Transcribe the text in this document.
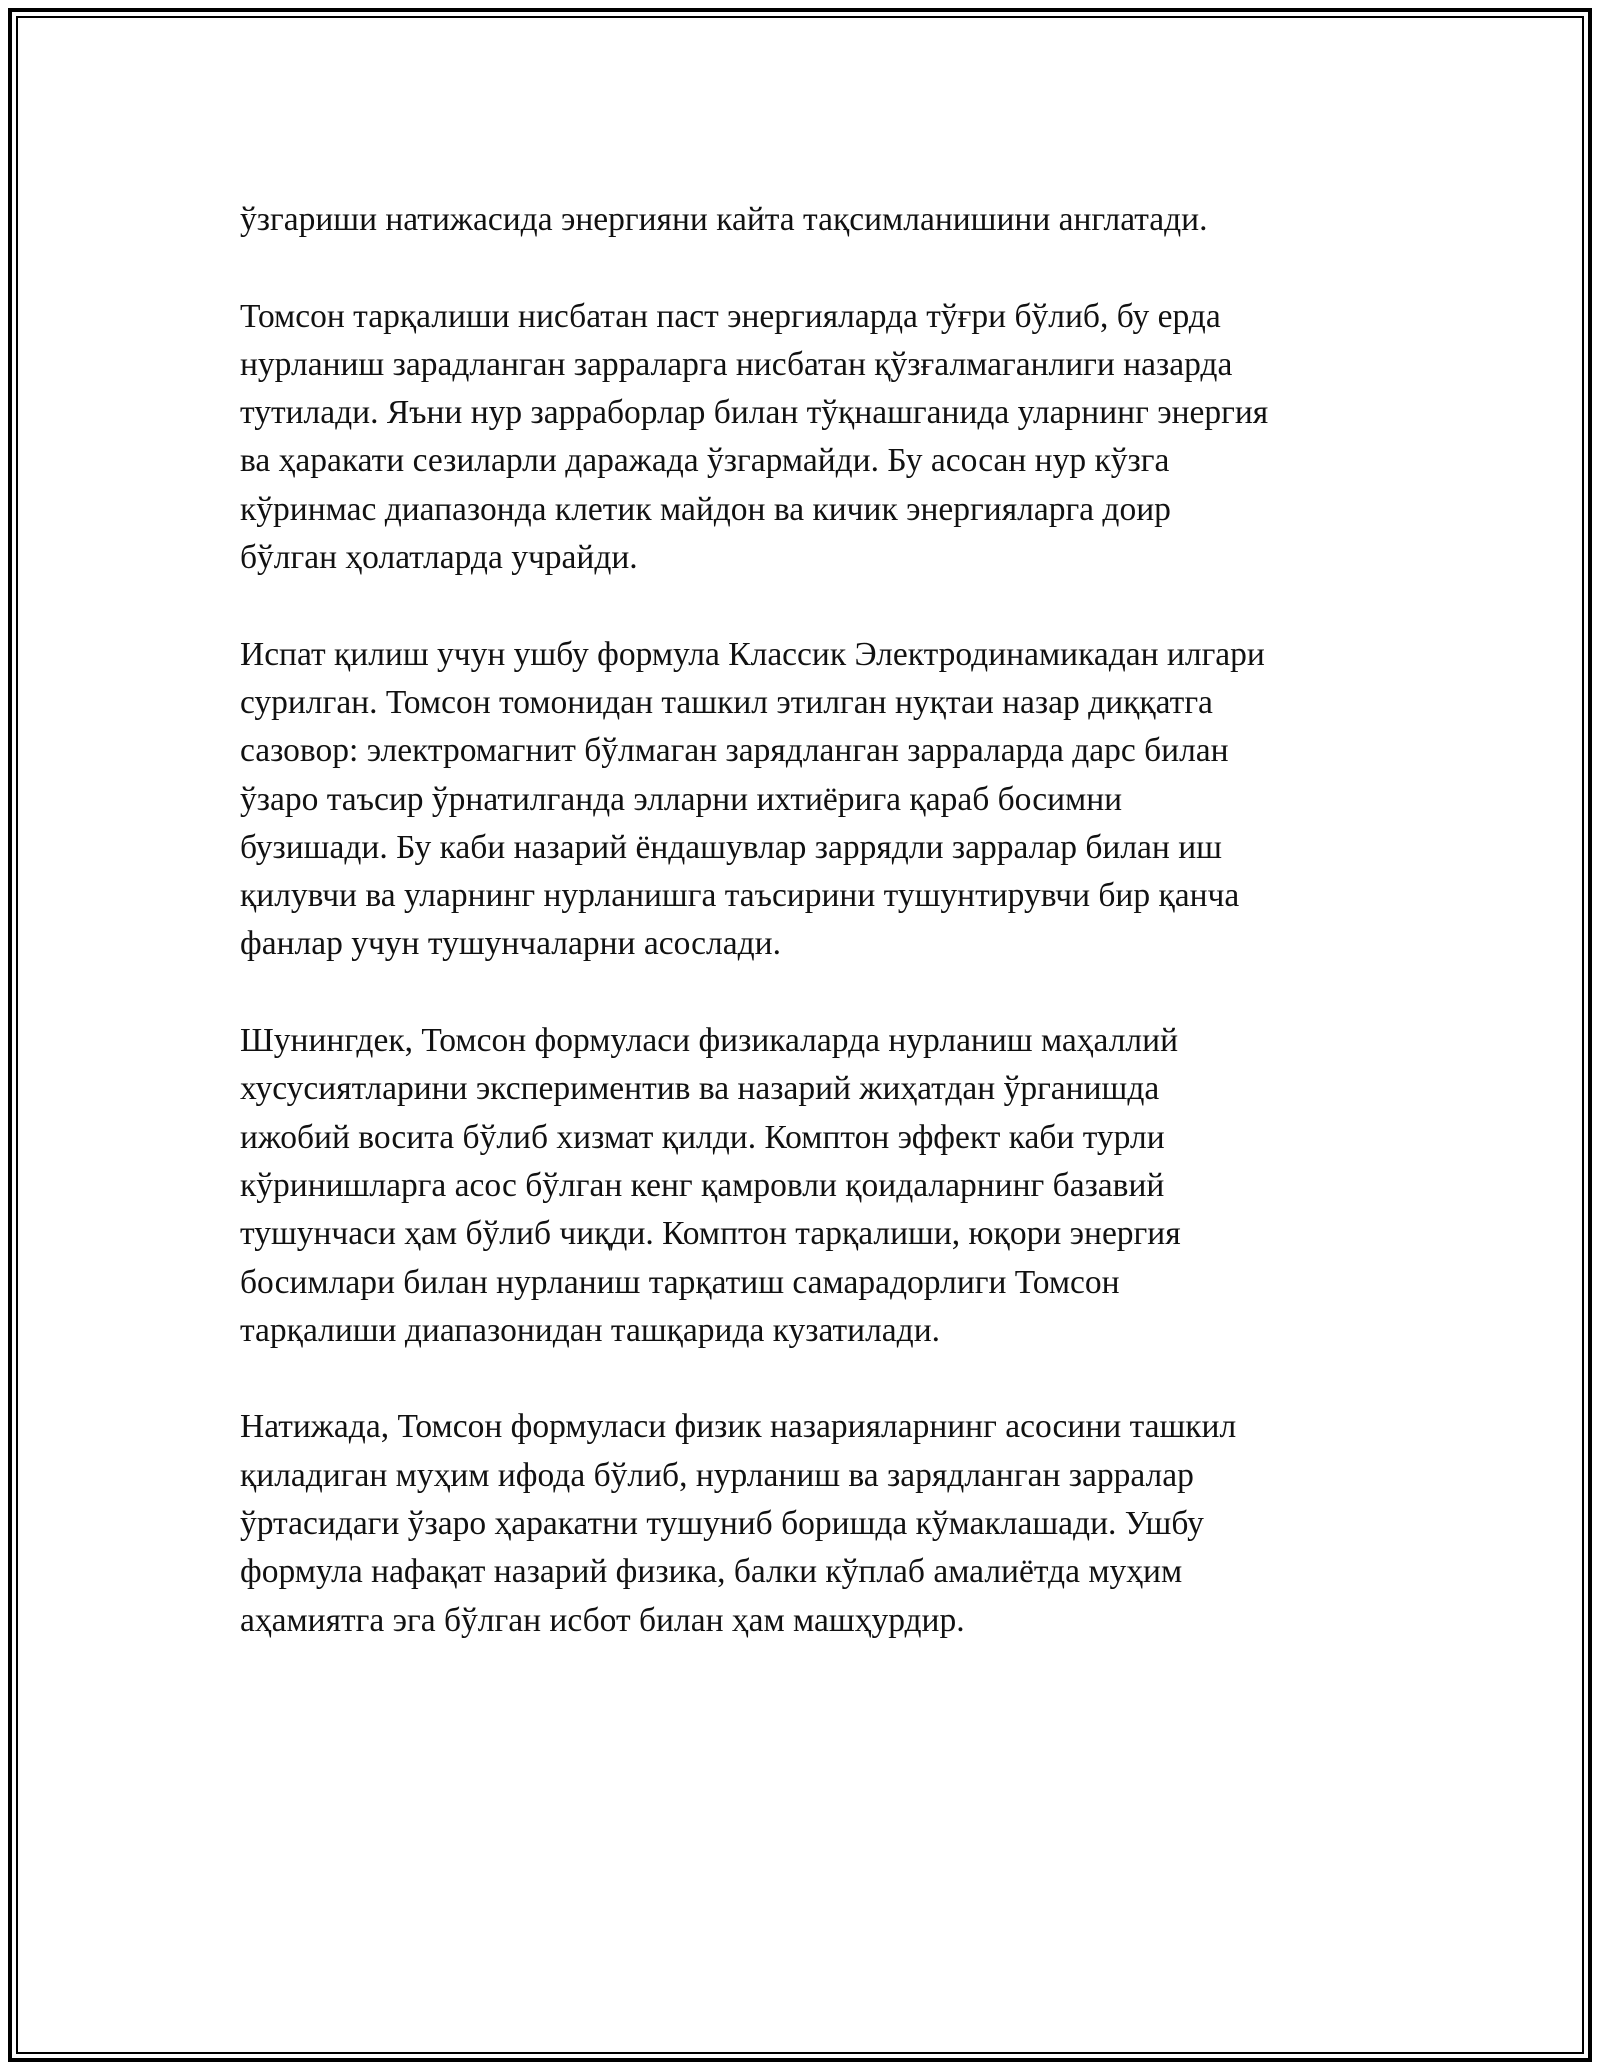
ўзгариши натижасида энергияни кайта тақсимланишини англатади.

Томсон тарқалиши нисбатан паст энергияларда тўғри бўлиб, бу ерда
нурланиш зарадланган зарраларга нисбатан қўзғалмаганлиги назарда
тутилади. Яъни нур зарраборлар билан тўқнашганида уларнинг энергия
ва ҳаракати сезиларли даражада ўзгармайди. Бу асосан нур кўзга
кўринмас диапазонда клетик майдон ва кичик энергияларга доир
бўлган ҳолатларда учрайди.

Испат қилиш учун ушбу формула Классик Электродинамикадан илгари
сурилган. Томсон томонидан ташкил этилган нуқтаи назар диққатга
сазовор: электромагнит бўлмаган зарядланган зарраларда дарс билан
ўзаро таъсир ўрнатилганда элларни ихтиёрига қараб босимни
бузишади. Бу каби назарий ёндашувлар заррядли зарралар билан иш
қилувчи ва уларнинг нурланишга таъсирини тушунтирувчи бир қанча
фанлар учун тушунчаларни асослади.

Шунингдек, Томсон формуласи физикаларда нурланиш маҳаллий
хусусиятларини экспериментив ва назарий жиҳатдан ўрганишда
ижобий восита бўлиб хизмат қилди. Комптон эффект каби турли
кўринишларга асос бўлган кенг қамровли қоидаларнинг базавий
тушунчаси ҳам бўлиб чиқди. Комптон тарқалиши, юқори энергия
босимлари билан нурланиш тарқатиш самарадорлиги Томсон
тарқалиши диапазонидан ташқарида кузатилади.

Натижада, Томсон формуласи физик назарияларнинг асосини ташкил
қиладиган муҳим ифода бўлиб, нурланиш ва зарядланган зарралар
ўртасидаги ўзаро ҳаракатни тушуниб боришда кўмаклашади. Ушбу
формула нафақат назарий физика, балки кўплаб амалиётда муҳим
аҳамиятга эга бўлган исбот билан ҳам машҳурдир.
